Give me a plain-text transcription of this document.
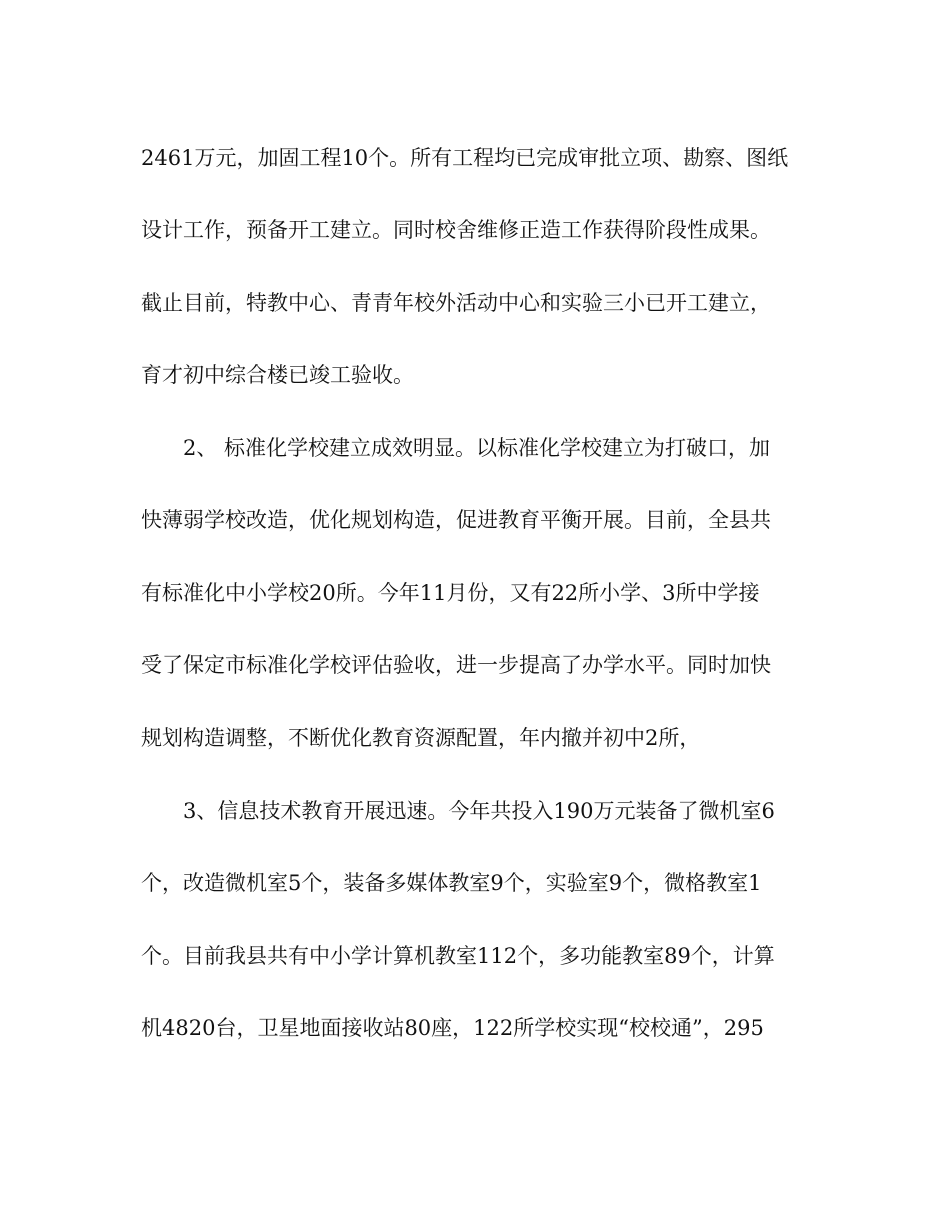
2461万元，加固工程10个。所有工程均已完成审批立项、勘察、图纸
设计工作，预备开工建立。同时校舍维修正造工作获得阶段性成果。
截止目前，特教中心、青青年校外活动中心和实验三小已开工建立，
育才初中综合楼已竣工验收。
2、 标准化学校建立成效明显。以标准化学校建立为打破口，加
快薄弱学校改造，优化规划构造，促进教育平衡开展。目前，全县共
有标准化中小学校20所。今年11月份，又有22所小学、3所中学接
受了保定市标准化学校评估验收，进一步提高了办学水平。同时加快
规划构造调整，不断优化教育资源配置，年内撤并初中2所，
3、信息技术教育开展迅速。今年共投入190万元装备了微机室6
个，改造微机室5个，装备多媒体教室9个，实验室9个，微格教室1
个。目前我县共有中小学计算机教室112个，多功能教室89个，计算
机4820台，卫星地面接收站80座，122所学校实现“校校通”，295
